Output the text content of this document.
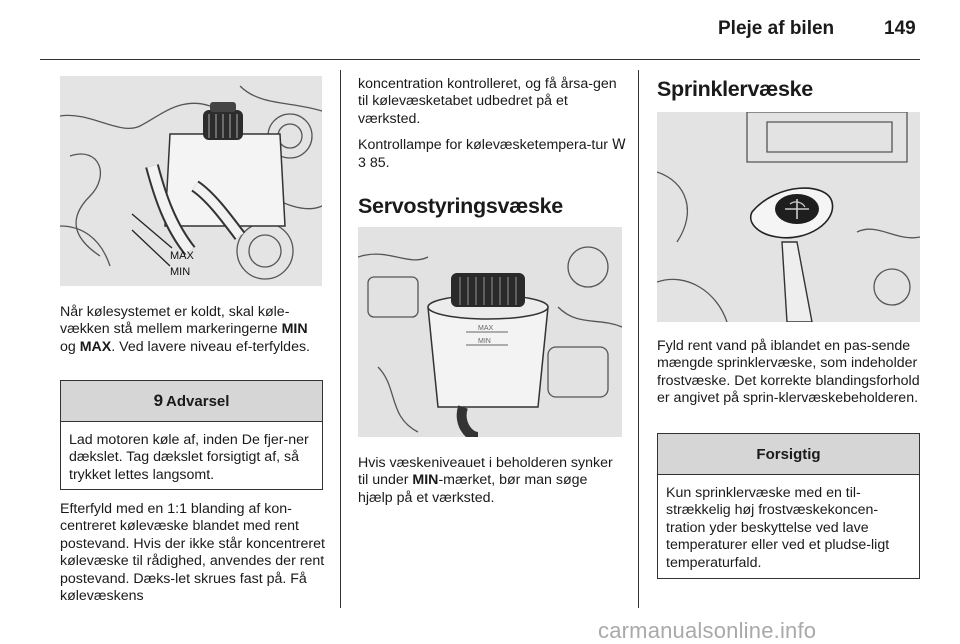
Pleje af bilen	149
MAX
MIN

Når kølesystemet er koldt, skal køle-vækken stå mellem markeringerne MIN og MAX. Ved lavere niveau ef-terfyldes.

9 Advarsel
Lad motoren køle af, inden De fjer-ner dækslet. Tag dækslet forsigtigt af, så trykket lettes langsomt.

Efterfyld med en 1:1 blanding af kon-centreret kølevæske blandet med rent postevand. Hvis der ikke står koncentreret kølevæske til rådighed, anvendes der rent postevand. Dæks-let skrues fast på. Få kølevæskens

koncentration kontrolleret, og få årsa-gen til kølevæsketabet udbedret på et værksted.

Kontrollampe for kølevæsketempera-tur W 3 85.

Servostyringsvæske
MAX
MIN

Hvis væskeniveauet i beholderen synker til under MIN-mærket, bør man søge hjælp på et værksted.

Sprinklervæske

Fyld rent vand på iblandet en pas-sende mængde sprinklervæske, som indeholder frostvæske. Det korrekte blandingsforhold er angivet på sprin-klervæskebeholderen.

Forsigtig
Kun sprinklervæske med en til-strækkelig høj frostvæskekoncen-tration yder beskyttelse ved lave temperaturer eller ved et pludse-ligt temperaturfald.
carmanualsonline.info
